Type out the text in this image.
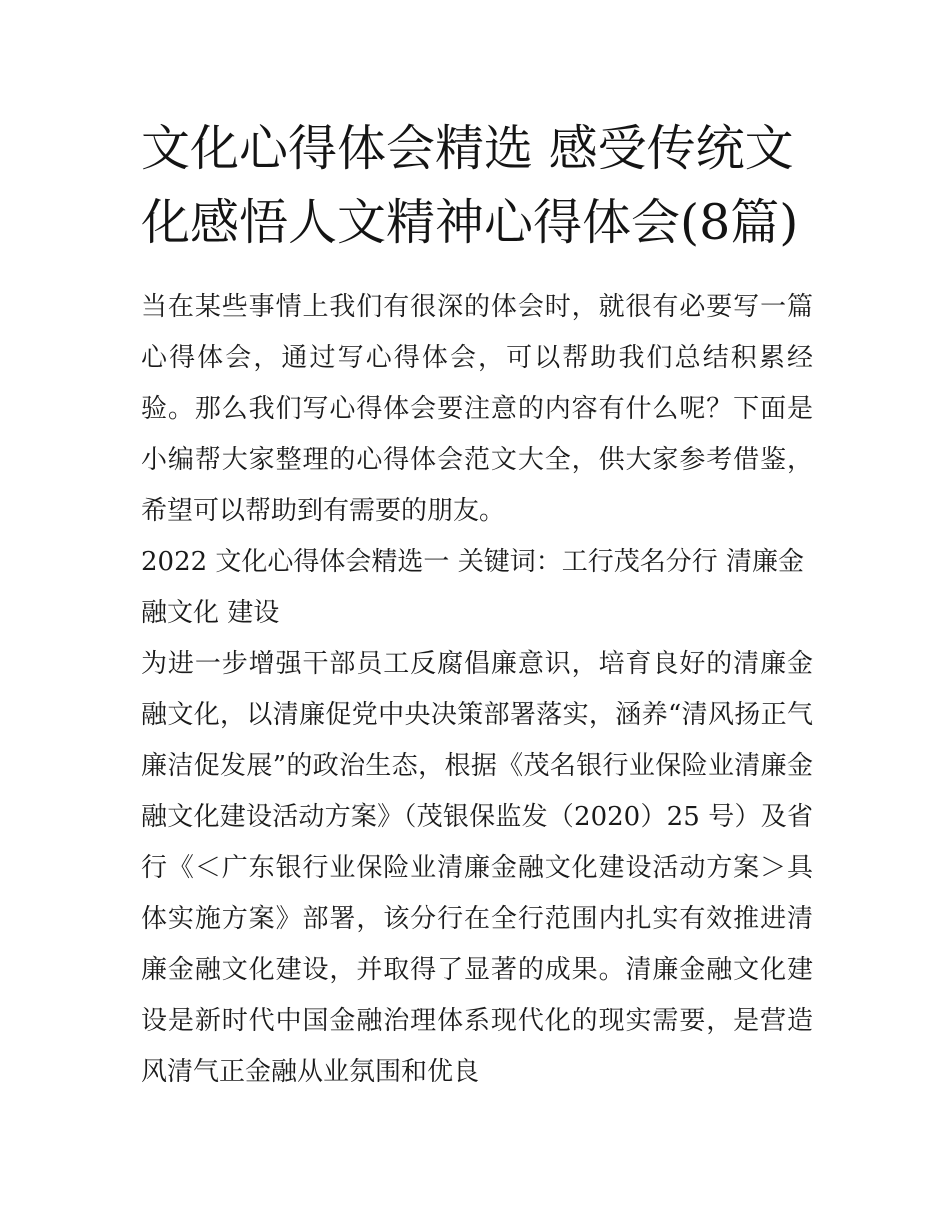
文化心得体会精选 感受传统文化感悟人文精神心得体会(8篇)

当在某些事情上我们有很深的体会时，就很有必要写一篇心得体会，通过写心得体会，可以帮助我们总结积累经验。那么我们写心得体会要注意的内容有什么呢？下面是小编帮大家整理的心得体会范文大全，供大家参考借鉴，希望可以帮助到有需要的朋友。

2022 文化心得体会精选一 关键词：工行茂名分行 清廉金融文化 建设

为进一步增强干部员工反腐倡廉意识，培育良好的清廉金融文化，以清廉促党中央决策部署落实，涵养“清风扬正气廉洁促发展”的政治生态，根据《茂名银行业保险业清廉金融文化建设活动方案》（茂银保监发（2020）25 号）及省行《＜广东银行业保险业清廉金融文化建设活动方案＞具体实施方案》部署，该分行在全行范围内扎实有效推进清廉金融文化建设，并取得了显著的成果。清廉金融文化建设是新时代中国金融治理体系现代化的现实需要，是营造风清气正金融从业氛围和优良
